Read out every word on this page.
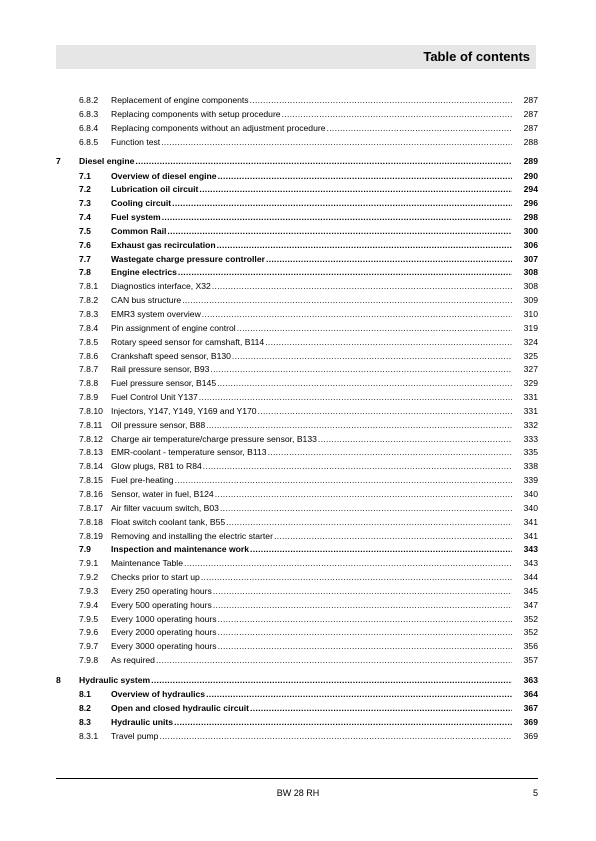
Table of contents
6.8.2 Replacement of engine components .....	287
6.8.3 Replacing components with setup procedure .....	287
6.8.4 Replacing components without an adjustment procedure .....	287
6.8.5 Function test .....	288
7 Diesel engine .....	289
7.1 Overview of diesel engine .....	290
7.2 Lubrication oil circuit .....	294
7.3 Cooling circuit .....	296
7.4 Fuel system .....	298
7.5 Common Rail .....	300
7.6 Exhaust gas recirculation .....	306
7.7 Wastegate charge pressure controller .....	307
7.8 Engine electrics .....	308
7.8.1 Diagnostics interface, X32 .....	308
7.8.2 CAN bus structure .....	309
7.8.3 EMR3 system overview .....	310
7.8.4 Pin assignment of engine control .....	319
7.8.5 Rotary speed sensor for camshaft, B114 .....	324
7.8.6 Crankshaft speed sensor, B130 .....	325
7.8.7 Rail pressure sensor, B93 .....	327
7.8.8 Fuel pressure sensor, B145 .....	329
7.8.9 Fuel Control Unit Y137 .....	331
7.8.10 Injectors, Y147, Y149, Y169 and Y170 .....	331
7.8.11 Oil pressure sensor, B88 .....	332
7.8.12 Charge air temperature/charge pressure sensor, B133 .....	333
7.8.13 EMR-coolant - temperature sensor, B113 .....	335
7.8.14 Glow plugs, R81 to R84 .....	338
7.8.15 Fuel pre-heating .....	339
7.8.16 Sensor, water in fuel, B124 .....	340
7.8.17 Air filter vacuum switch, B03 .....	340
7.8.18 Float switch coolant tank, B55 .....	341
7.8.19 Removing and installing the electric starter .....	341
7.9 Inspection and maintenance work .....	343
7.9.1 Maintenance Table .....	343
7.9.2 Checks prior to start up .....	344
7.9.3 Every 250 operating hours .....	345
7.9.4 Every 500 operating hours .....	347
7.9.5 Every 1000 operating hours .....	352
7.9.6 Every 2000 operating hours .....	352
7.9.7 Every 3000 operating hours .....	356
7.9.8 As required .....	357
8 Hydraulic system .....	363
8.1 Overview of hydraulics .....	364
8.2 Open and closed hydraulic circuit .....	367
8.3 Hydraulic units .....	369
8.3.1 Travel pump .....	369
BW 28 RH	5
